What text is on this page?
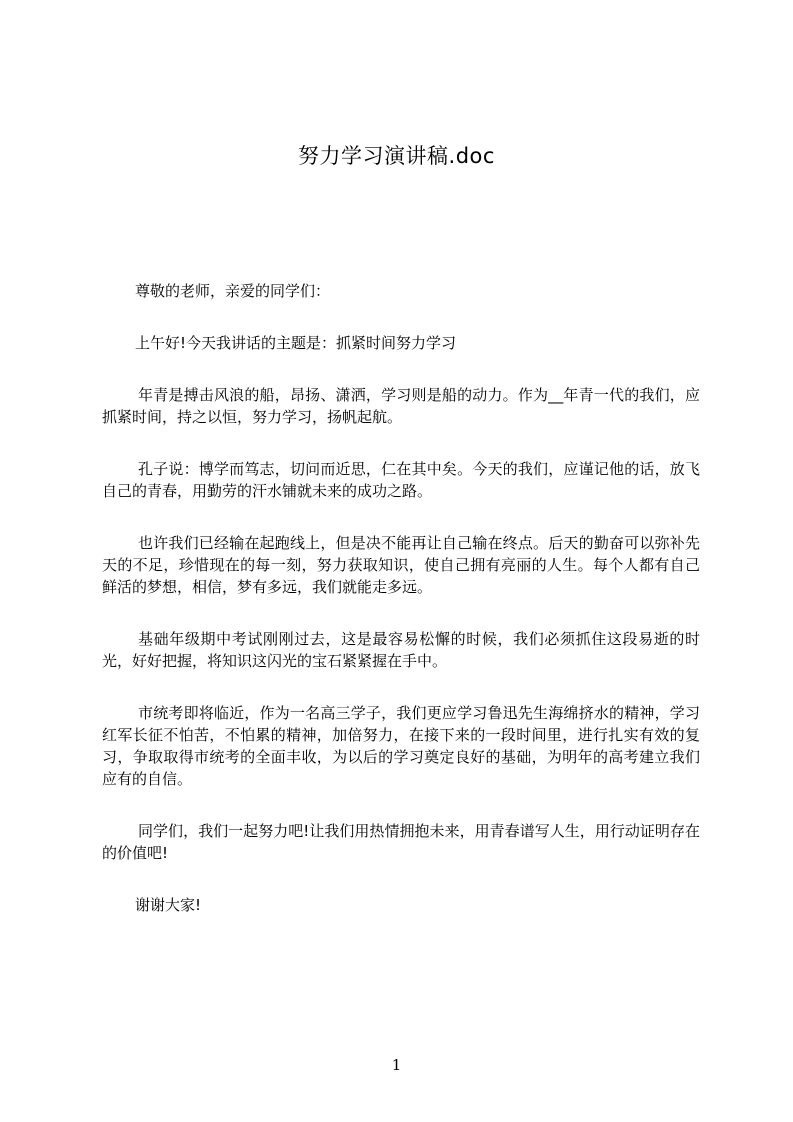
努力学习演讲稿.doc

尊敬的老师，亲爱的同学们：

上午好!今天我讲话的主题是：抓紧时间努力学习

年青是搏击风浪的船，昂扬、潇洒，学习则是船的动力。作为__年青一代的我们，应抓紧时间，持之以恒，努力学习，扬帆起航。

孔子说：博学而笃志，切问而近思，仁在其中矣。今天的我们，应谨记他的话，放飞自己的青春，用勤劳的汗水铺就未来的成功之路。

也许我们已经输在起跑线上，但是决不能再让自己输在终点。后天的勤奋可以弥补先天的不足，珍惜现在的每一刻，努力获取知识，使自己拥有亮丽的人生。每个人都有自己鲜活的梦想，相信，梦有多远，我们就能走多远。

基础年级期中考试刚刚过去，这是最容易松懈的时候，我们必须抓住这段易逝的时光，好好把握，将知识这闪光的宝石紧紧握在手中。

市统考即将临近，作为一名高三学子，我们更应学习鲁迅先生海绵挤水的精神，学习红军长征不怕苦，不怕累的精神，加倍努力，在接下来的一段时间里，进行扎实有效的复习，争取取得市统考的全面丰收，为以后的学习奠定良好的基础，为明年的高考建立我们应有的自信。

同学们，我们一起努力吧!让我们用热情拥抱未来，用青春谱写人生，用行动证明存在的价值吧!

谢谢大家!

1
